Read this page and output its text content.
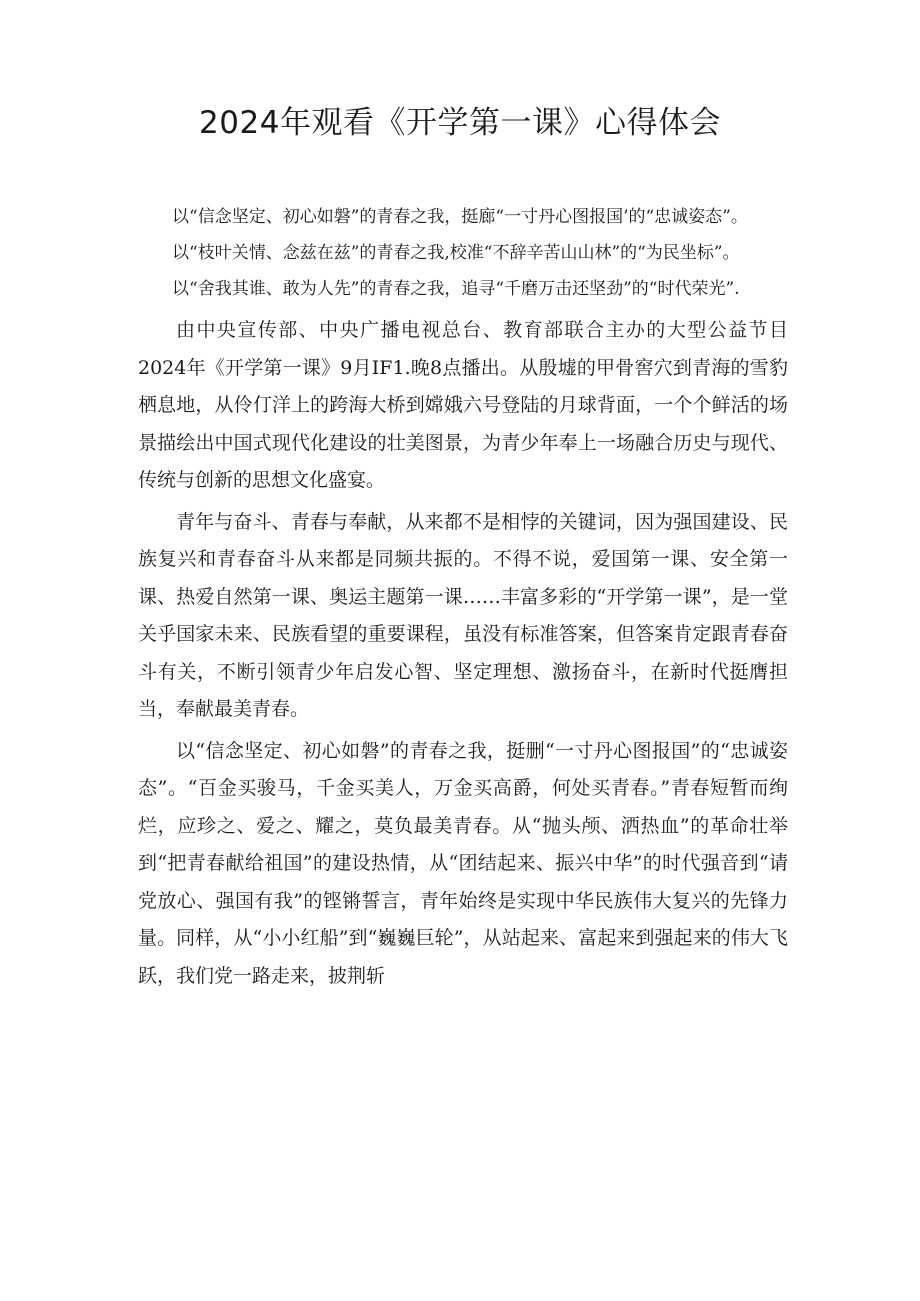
2024年观看《开学第一课》心得体会

以“信念坚定、初心如磐”的青春之我，挺廊“一寸丹心图报国’的“忠诚姿态”。

以“枝叶关情、念兹在兹”的青春之我,校准“不辞辛苦山山林”的“为民坐标”。

以“舍我其谁、敢为人先”的青春之我，追寻“千磨万击还坚劲”的“时代荣光”.

由中央宣传部、中央广播电视总台、教育部联合主办的大型公益节目2024年《开学第一课》9月IF1.晚8点播出。从殷墟的甲骨窖穴到青海的雪豹栖息地，从伶仃洋上的跨海大桥到嫦娥六号登陆的月球背面，一个个鲜活的场景描绘出中国式现代化建设的壮美图景，为青少年奉上一场融合历史与现代、传统与创新的思想文化盛宴。

青年与奋斗、青春与奉献，从来都不是相悖的关键词，因为强国建设、民族复兴和青春奋斗从来都是同频共振的。不得不说，爱国第一课、安全第一课、热爱自然第一课、奥运主题第一课……丰富多彩的“开学第一课”，是一堂关乎国家未来、民族看望的重要课程，虽没有标准答案，但答案肯定跟青春奋斗有关，不断引领青少年启发心智、坚定理想、激扬奋斗，在新时代挺膺担当，奉献最美青春。

以“信念坚定、初心如磐”的青春之我，挺删“一寸丹心图报国”的“忠诚姿态”。“百金买骏马，千金买美人，万金买高爵，何处买青春。”青春短暂而绚烂，应珍之、爱之、耀之，莫负最美青春。从“抛头颅、洒热血”的革命壮举到“把青春献给祖国”的建设热情，从“团结起来、振兴中华”的时代强音到“请党放心、强国有我”的铿锵誓言，青年始终是实现中华民族伟大复兴的先锋力量。同样，从“小小红船”到“巍巍巨轮”，从站起来、富起来到强起来的伟大飞跃，我们党一路走来，披荆斩
